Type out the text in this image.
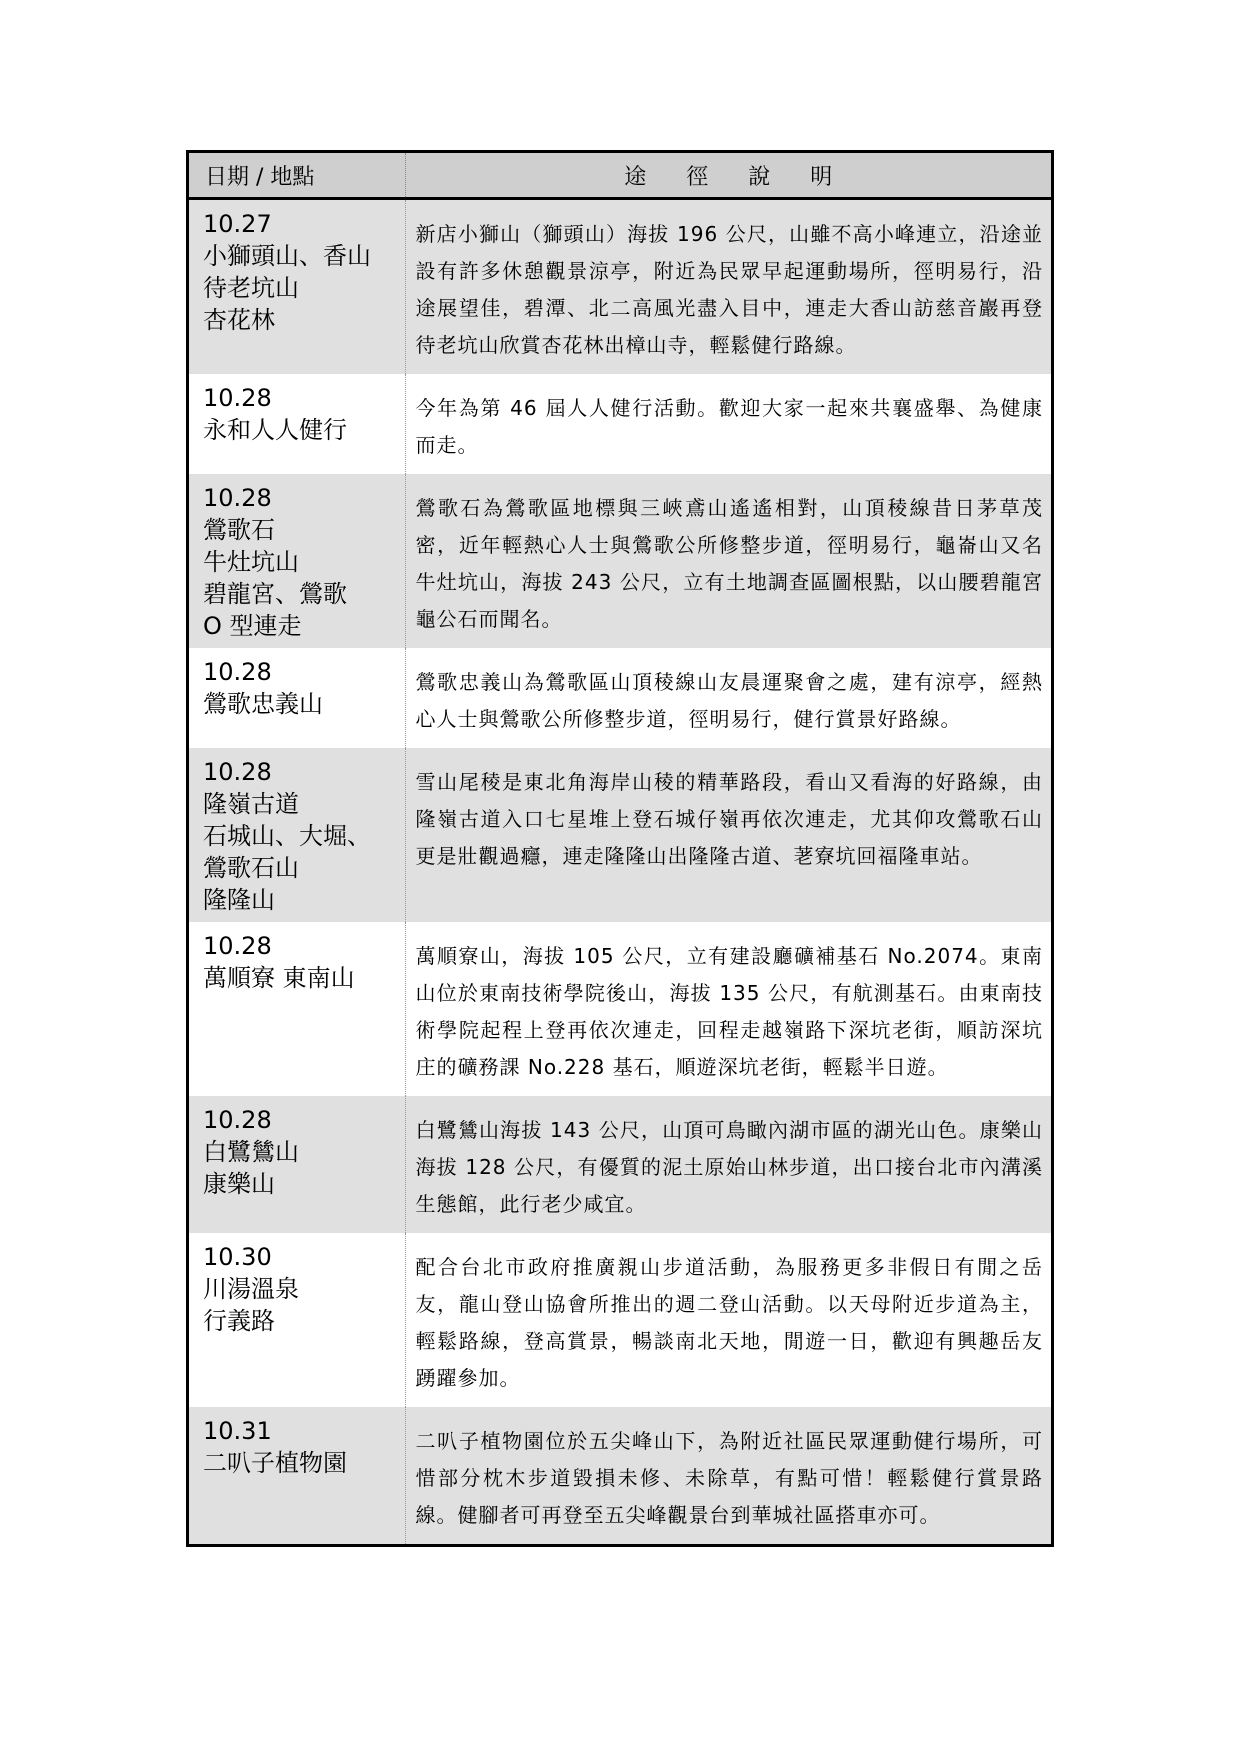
日期 / 地點	途徑說明

10.27
小獅頭山、香山
待老坑山
杏花林	新店小獅山（獅頭山）海拔 196 公尺，山雖不高小峰連立，沿途並設有許多休憩觀景涼亭，附近為民眾早起運動場所，徑明易行，沿途展望佳，碧潭、北二高風光盡入目中，連走大香山訪慈音巖再登待老坑山欣賞杏花林出樟山寺，輕鬆健行路線。

10.28
永和人人健行	今年為第 46 屆人人健行活動。歡迎大家一起來共襄盛舉、為健康而走。

10.28
鶯歌石
牛灶坑山
碧龍宮、鶯歌
O 型連走	鶯歌石為鶯歌區地標與三峽鳶山遙遙相對，山頂稜線昔日茅草茂密，近年輕熱心人士與鶯歌公所修整步道，徑明易行，龜崙山又名牛灶坑山，海拔 243 公尺，立有土地調查區圖根點，以山腰碧龍宮龜公石而聞名。

10.28
鶯歌忠義山	鶯歌忠義山為鶯歌區山頂稜線山友晨運聚會之處，建有涼亭，經熱心人士與鶯歌公所修整步道，徑明易行，健行賞景好路線。

10.28
隆嶺古道
石城山、大堀、
鶯歌石山
隆隆山	雪山尾稜是東北角海岸山稜的精華路段，看山又看海的好路線，由隆嶺古道入口七星堆上登石城仔嶺再依次連走，尤其仰攻鶯歌石山更是壯觀過癮，連走隆隆山出隆隆古道、荖寮坑回福隆車站。

10.28
萬順寮 東南山	萬順寮山，海拔 105 公尺，立有建設廳礦補基石 No.2074。東南山位於東南技術學院後山，海拔 135 公尺，有航測基石。由東南技術學院起程上登再依次連走，回程走越嶺路下深坑老街，順訪深坑庄的礦務課 No.228 基石，順遊深坑老街，輕鬆半日遊。

10.28
白鷺鷥山
康樂山	白鷺鷥山海拔 143 公尺，山頂可鳥瞰內湖市區的湖光山色。康樂山海拔 128 公尺，有優質的泥土原始山林步道，出口接台北市內溝溪生態館，此行老少咸宜。

10.30
川湯溫泉
行義路	配合台北市政府推廣親山步道活動，為服務更多非假日有閒之岳友，龍山登山協會所推出的週二登山活動。以天母附近步道為主，輕鬆路線，登高賞景，暢談南北天地，閒遊一日，歡迎有興趣岳友踴躍參加。

10.31
二叭子植物園	二叭子植物園位於五尖峰山下，為附近社區民眾運動健行場所，可惜部分枕木步道毀損未修、未除草，有點可惜！輕鬆健行賞景路線。健腳者可再登至五尖峰觀景台到華城社區搭車亦可。
